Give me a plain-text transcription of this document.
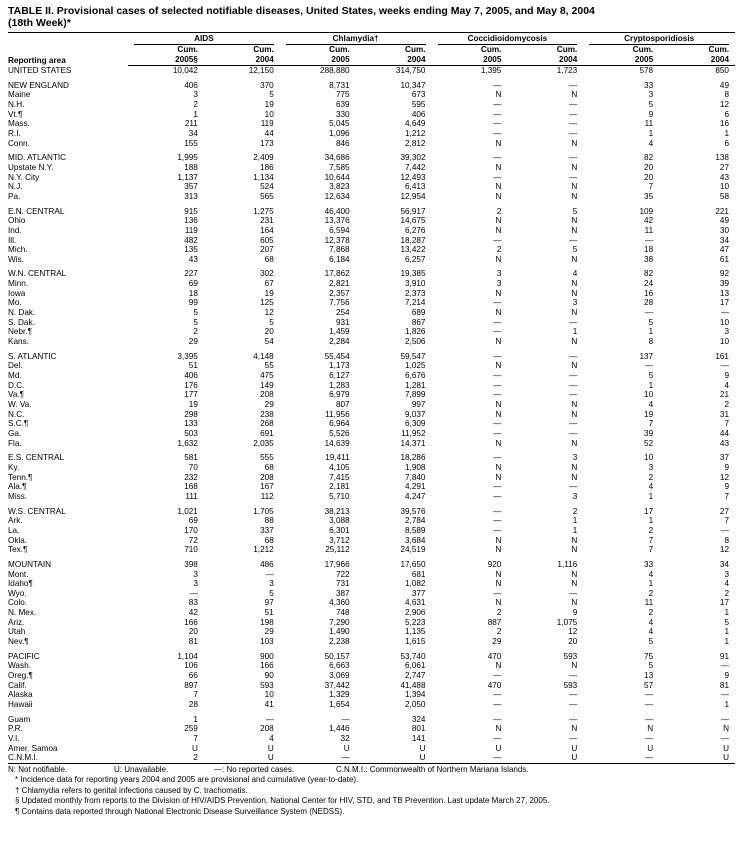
TABLE II. Provisional cases of selected notifiable diseases, United States, weeks ending May 7, 2005, and May 8, 2004
(18th Week)*

	AIDS		Chlamydia†		Coccidioidomycosis		Cryptosporidiosis	

Reporting area	Cum.	Cum.	Cum.	Cum.	Cum.	Cum.	Cum.	Cum.
	2005§	2004	2005	2004	2005	2004	2005	2004
UNITED STATES	10,042	12,150	288,880	314,750	1,395	1,723	578	850

NEW ENGLAND	406	370	8,731	10,347	—	—	33	49
Maine	3	5	775	673	N	N	3	8
N.H.	2	19	639	595	—	—	5	12
Vt.¶	1	10	330	406	—	—	9	6
Mass.	211	119	5,045	4,649	—	—	11	16
R.I.	34	44	1,096	1,212	—	—	1	1
Conn.	155	173	846	2,812	N	N	4	6

MID. ATLANTIC	1,995	2,409	34,686	39,302	—	—	82	138
Upstate N.Y.	188	186	7,585	7,442	N	N	20	27
N.Y. City	1,137	1,134	10,644	12,493	—	—	20	43
N.J.	357	524	3,823	6,413	N	N	7	10
Pa.	313	565	12,634	12,954	N	N	35	58

E.N. CENTRAL	915	1,275	46,400	56,917	2	5	109	221
Ohio	136	231	13,376	14,675	N	N	42	49
Ind.	119	164	6,594	6,276	N	N	11	30
Ill.	482	605	12,378	18,287	—	—	—	34
Mich.	135	207	7,868	13,422	2	5	18	47
Wis.	43	68	6,184	6,257	N	N	38	61

W.N. CENTRAL	227	302	17,862	19,385	3	4	82	92
Minn.	69	67	2,821	3,910	3	N	24	39
Iowa	18	19	2,357	2,373	N	N	16	13
Mo.	99	125	7,756	7,214	—	3	28	17
N. Dak.	5	12	254	689	N	N	—	—
S. Dak.	5	5	931	867	—	—	5	10
Nebr.¶	2	20	1,459	1,826	—	1	1	3
Kans.	29	54	2,284	2,506	N	N	8	10

S. ATLANTIC	3,395	4,148	55,454	59,547	—	—	137	161
Del.	51	55	1,173	1,025	N	N	—	—
Md.	406	475	6,127	6,676	—	—	5	9
D.C.	176	149	1,283	1,281	—	—	1	4
Va.¶	177	208	6,979	7,899	—	—	10	21
W. Va.	19	29	807	997	N	N	4	2
N.C.	298	238	11,956	9,037	N	N	19	31
S.C.¶	133	268	6,964	6,309	—	—	7	7
Ga.	503	691	5,526	11,952	—	—	39	44
Fla.	1,632	2,035	14,639	14,371	N	N	52	43

E.S. CENTRAL	581	555	19,411	18,286	—	3	10	37
Ky.	70	68	4,105	1,908	N	N	3	9
Tenn.¶	232	208	7,415	7,840	N	N	2	12
Ala.¶	168	167	2,181	4,291	—	—	4	9
Miss.	111	112	5,710	4,247	—	3	1	7

W.S. CENTRAL	1,021	1,705	38,213	39,576	—	2	17	27
Ark.	69	88	3,088	2,784	—	1	1	7
La.	170	337	6,301	8,589	—	1	2	—
Okla.	72	68	3,712	3,684	N	N	7	8
Tex.¶	710	1,212	25,112	24,519	N	N	7	12

MOUNTAIN	398	486	17,966	17,650	920	1,116	33	34
Mont.	3	—	722	681	N	N	4	3
Idaho¶	3	3	731	1,082	N	N	1	4
Wyo.	—	5	387	377	—	—	2	2
Colo.	83	97	4,360	4,631	N	N	11	17
N. Mex.	42	51	748	2,906	2	9	2	1
Ariz.	166	198	7,290	5,223	887	1,075	4	5
Utah	20	29	1,490	1,135	2	12	4	1
Nev.¶	81	103	2,238	1,615	29	20	5	1

PACIFIC	1,104	900	50,157	53,740	470	593	75	91
Wash.	106	166	6,663	6,061	N	N	5	—
Oreg.¶	66	90	3,069	2,747	—	—	13	9
Calif.	897	593	37,442	41,488	470	593	57	81
Alaska	7	10	1,329	1,394	—	—	—	—
Hawaii	28	41	1,654	2,050	—	—	—	1

Guam	1	—	—	324	—	—	—	—
P.R.	259	208	1,446	801	N	N	N	N
V.I.	7	4	32	141	—	—	—	—
Amer. Samoa	U	U	U	U	U	U	U	U
C.N.M.I.	2	U	—	U	—	U	—	U
N: Not notifiable.	U: Unavailable.	—: No reported cases.	C.N.M.I.: Commonwealth of Northern Mariana Islands.
* Incidence data for reporting years 2004 and 2005 are provisional and cumulative (year-to-date).
† Chlamydia refers to genital infections caused by C. trachomatis.
§ Updated monthly from reports to the Division of HIV/AIDS Prevention, National Center for HIV, STD, and TB Prevention. Last update March 27, 2005.
¶ Contains data reported through National Electronic Disease Surveillance System (NEDSS).
